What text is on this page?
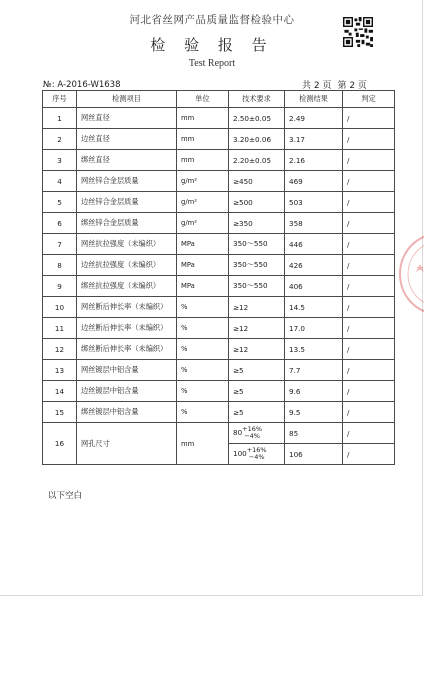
河北省丝网产品质量监督检验中心
检 验 报 告
Test Report
№: A-2016-W1638	共 2 页 第 2 页
序号	检测项目	单位	技术要求	检测结果	判定
1	网丝直径	mm	2.50±0.05	2.49	/
2	边丝直径	mm	3.20±0.06	3.17	/
3	绑丝直径	mm	2.20±0.05	2.16	/
4	网丝锌合金层质量	g/m²	≥450	469	/
5	边丝锌合金层质量	g/m²	≥500	503	/
6	绑丝锌合金层质量	g/m²	≥350	358	/
7	网丝抗拉强度（未编织）	MPa	350～550	446	/
8	边丝抗拉强度（未编织）	MPa	350～550	426	/
9	绑丝抗拉强度（未编织）	MPa	350～550	406	/
10	网丝断后伸长率（未编织）	%	≥12	14.5	/
11	边丝断后伸长率（未编织）	%	≥12	17.0	/
12	绑丝断后伸长率（未编织）	%	≥12	13.5	/
13	网丝镀层中铝含量	%	≥5	7.7	/
14	边丝镀层中铝含量	%	≥5	9.6	/
15	绑丝镀层中铝含量	%	≥5	9.5	/
16	网孔尺寸	mm	80+16%
−4%	85	/
			100+16%
−4%	106	/
以下空白
